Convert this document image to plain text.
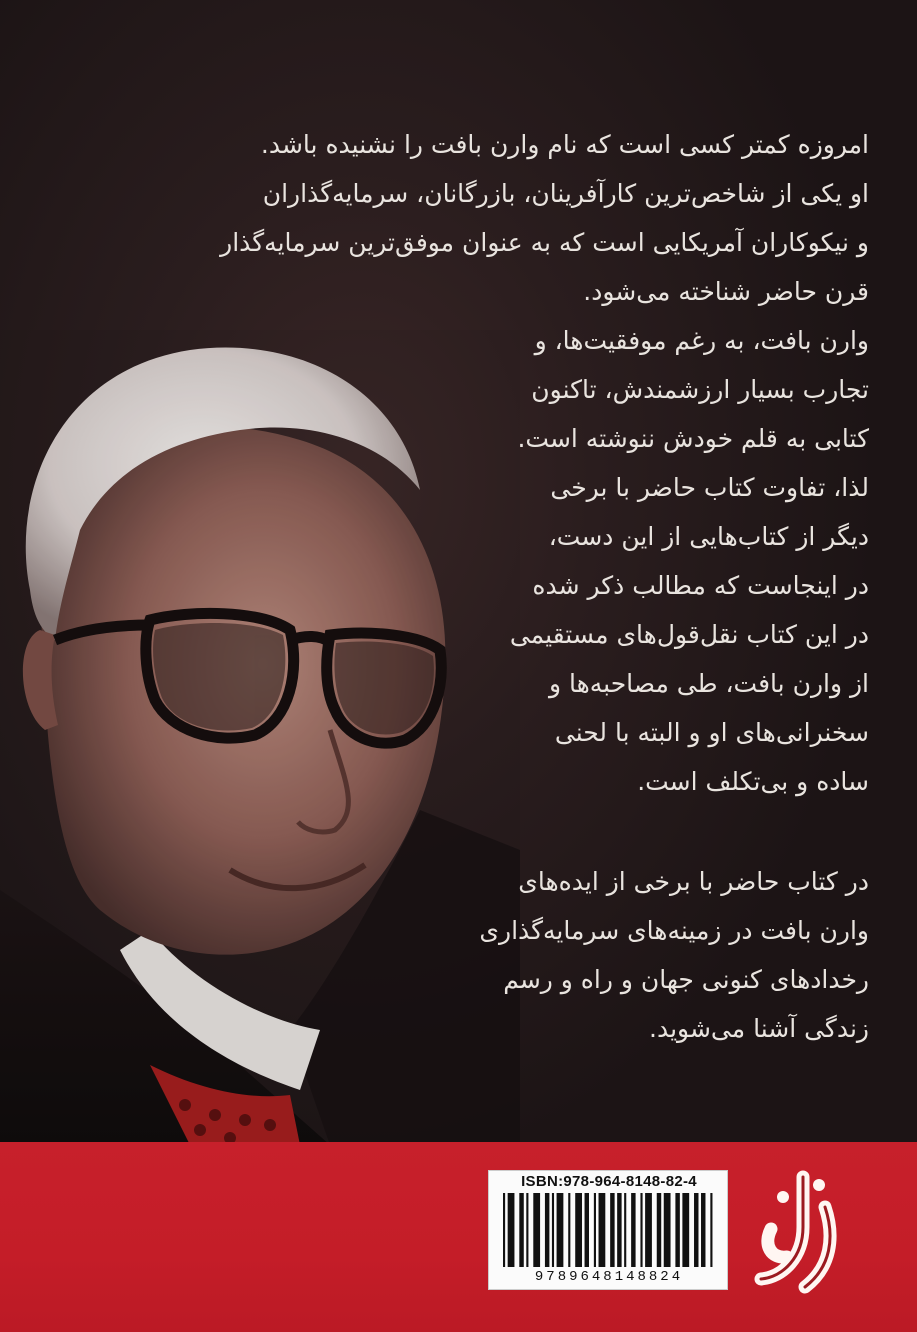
امروزه کمتر کسی است که نام وارن بافت را نشنیده باشد.

او یکی از شاخص‌ترین کارآفرینان، بازرگانان، سرمایه‌گذاران

و نیکوکاران آمریکایی است که به عنوان موفق‌ترین سرمایه‌گذار

قرن حاضر شناخته می‌شود.

وارن بافت، به رغم موفقیت‌ها، و

تجارب بسیار ارزشمندش، تاکنون

کتابی به قلم خودش ننوشته است.

لذا، تفاوت کتاب حاضر با برخی

دیگر از کتاب‌هایی از این دست،

در اینجاست که مطالب ذکر شده

در این کتاب نقل‌قول‌های مستقیمی

از وارن بافت، طی مصاحبه‌ها و

سخنرانی‌های او و البته با لحنی

ساده و بی‌تکلف است.

در کتاب حاضر با برخی از ایده‌های

وارن بافت در زمینه‌های سرمایه‌گذاری

رخدادهای کنونی جهان و راه و رسم

زندگی آشنا می‌شوید.

ISBN:978-964-8148-82-4
9789648148824
